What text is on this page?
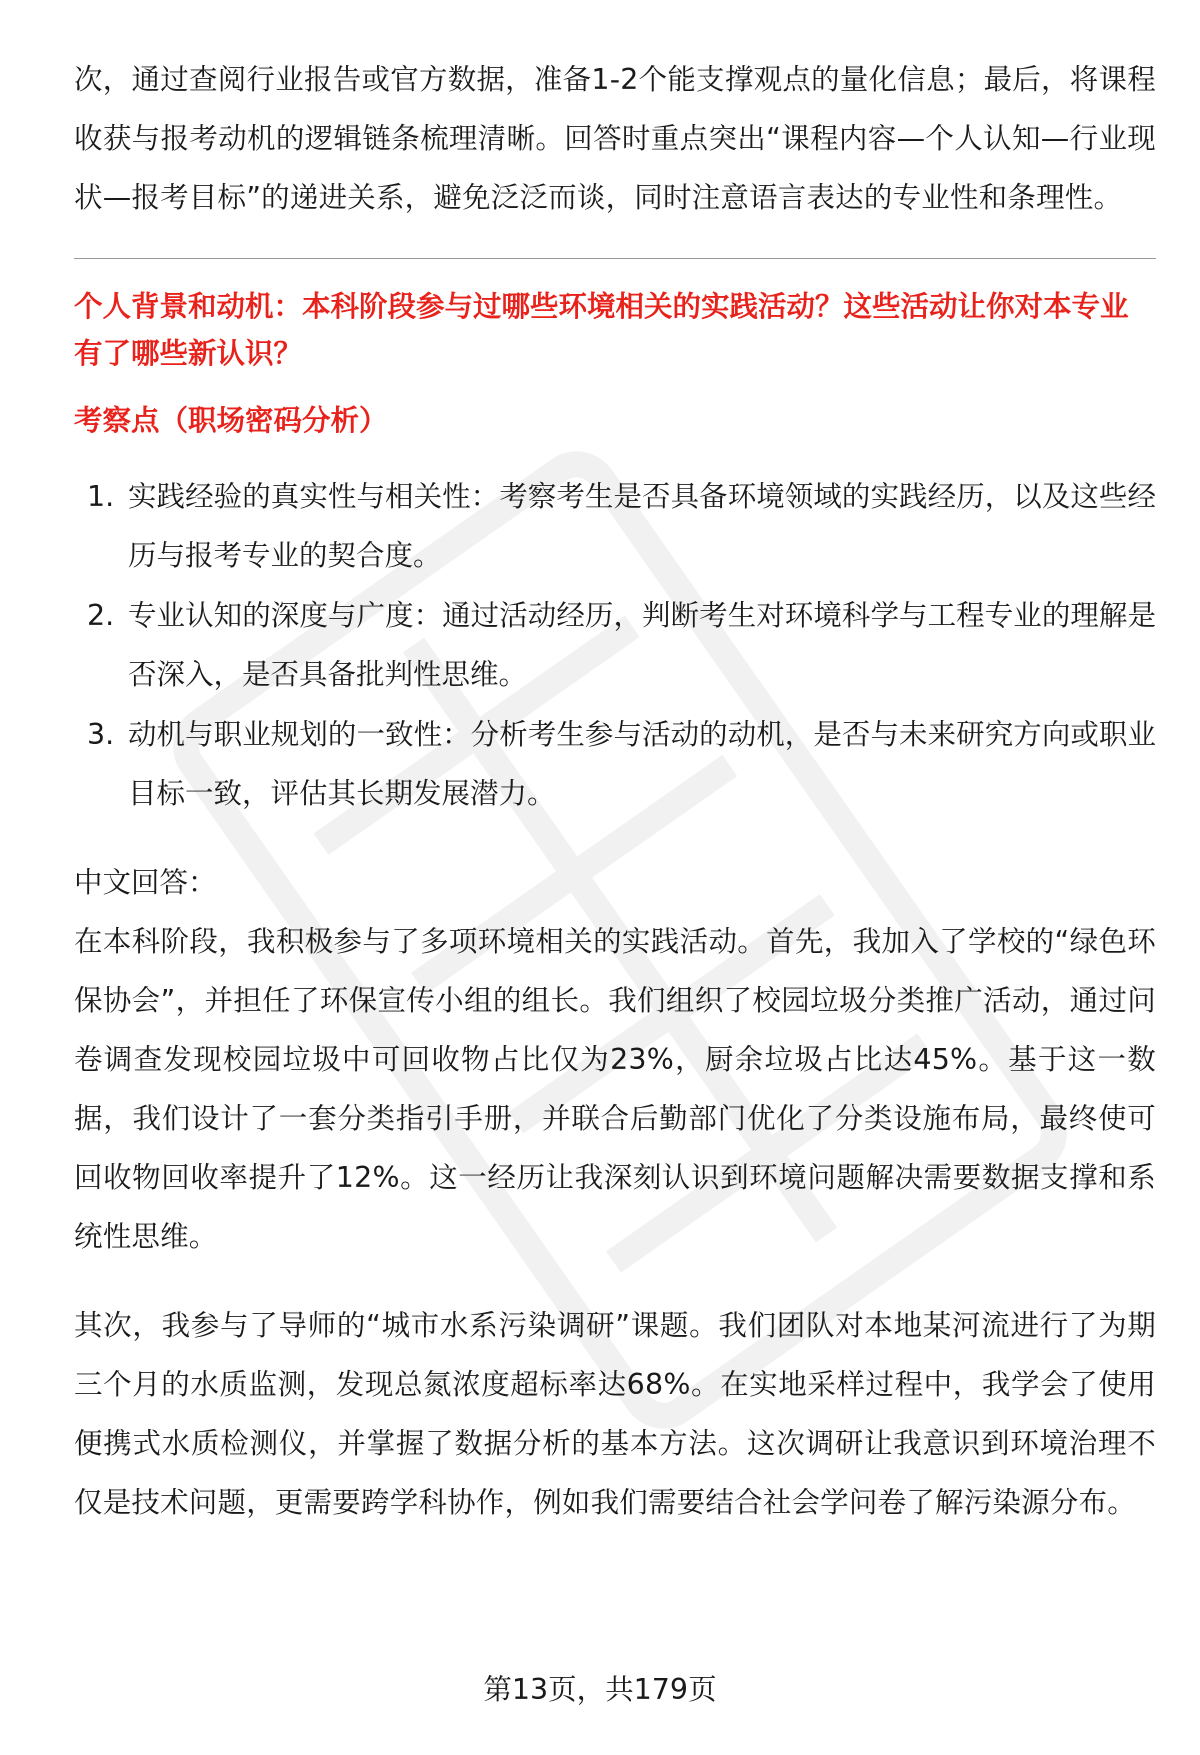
次，通过查阅行业报告或官方数据，准备1-2个能支撑观点的量化信息；最后，将课程收获与报考动机的逻辑链条梳理清晰。回答时重点突出“课程内容—个人认知—行业现状—报考目标”的递进关系，避免泛泛而谈，同时注意语言表达的专业性和条理性。

个人背景和动机：本科阶段参与过哪些环境相关的实践活动？这些活动让你对本专业有了哪些新认识？

考察点（职场密码分析）

1. 实践经验的真实性与相关性：考察考生是否具备环境领域的实践经历，以及这些经历与报考专业的契合度。
2. 专业认知的深度与广度：通过活动经历，判断考生对环境科学与工程专业的理解是否深入，是否具备批判性思维。
3. 动机与职业规划的一致性：分析考生参与活动的动机，是否与未来研究方向或职业目标一致，评估其长期发展潜力。

中文回答：

在本科阶段，我积极参与了多项环境相关的实践活动。首先，我加入了学校的“绿色环保协会”，并担任了环保宣传小组的组长。我们组织了校园垃圾分类推广活动，通过问卷调查发现校园垃圾中可回收物占比仅为23%，厨余垃圾占比达45%。基于这一数据，我们设计了一套分类指引手册，并联合后勤部门优化了分类设施布局，最终使可回收物回收率提升了12%。这一经历让我深刻认识到环境问题解决需要数据支撑和系统性思维。

其次，我参与了导师的“城市水系污染调研”课题。我们团队对本地某河流进行了为期三个月的水质监测，发现总氮浓度超标率达68%。在实地采样过程中，我学会了使用便携式水质检测仪，并掌握了数据分析的基本方法。这次调研让我意识到环境治理不仅是技术问题，更需要跨学科协作，例如我们需要结合社会学问卷了解污染源分布。

第13页，共179页
